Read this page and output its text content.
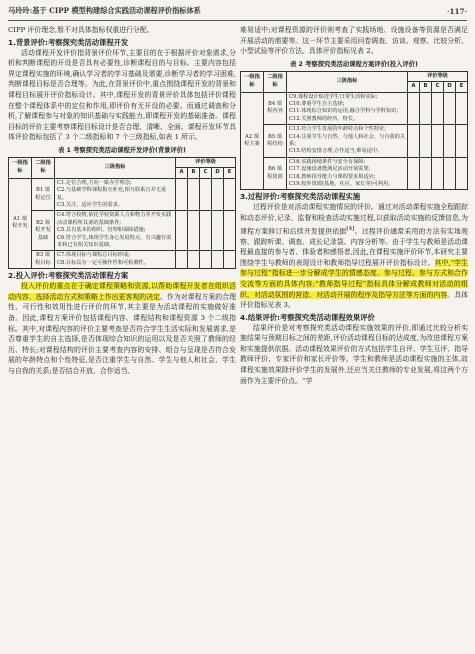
马玲玲:基于 CIPP 模型构建综合实践活动课程评价指标体系	·117·

CIPP 评价理念,暂不对具体指标权重进行分配。

1.背景评价:考察探究类活动课程开发

活动课程开发评价指背景评价环节,主要目的在于根据评价对象需求,分析和判断课程的开设是否具有必要性,诊断课程目的与目标。主要内容包括界定课程实施的环境,确认学习者的学习基础及需要,诊断学习者的学习困难,判断课程目标是否合理等。为此,在背景评价中,重点围绕课程开发的背景和课程目标展开评价指标设计。其中,课程开发的背景评价具体包括评价课程在整个课程体系中的定位和作用,即评价有无开设的必要。而通过调查和分析,了解课程参与对象的知识基础与实践能力,即课程开发的基础准备。课程目标的评价主要考察课程目标设计是否合理、清晰、全面。课程开发环节具体评价指标包括了 3 个二级指标和 7 个三级指标,如表 1 所示。

表 1 考察探究类活动课程开发评价(背景评价)
一级指标	二级指标	三级指标	评价等级				
			A	B	C	D	E
A1 课程开发	B1 课程定位	C1.定位合理,方向一致办学理念;
C2.与基础学科课程相互补充,相互联系且并无重复。
C3.关注、适应学生的需求。					

	B2 课程开发基础	C4.符合校情,依托学校资源人力和物力等开发实践活动课程所具备的基础条件;
C5.具有基本的组织、管理和保障措施;
C6.符合学生,体现学生身心发展特点、有兴趣有需求和已有相关知识基础。					

	B3 课程目标	C7.体现目标与课程总目标形成;
C8.目标具有一定可操作性和可检测性。					

2.投入评价:考察探究类活动课程方案

投入评价的重点在于确定课程策略和资源,以帮助课程开发者在组织活动内容、选择活动方式和策略上作出更客观的决定。作为对课程方案的合理性、可行性和效用性进行评价的环节,其主要是为活动课程的实施做好准备。因此,课程方案评价包括课程内容、课程结构和课程资源 3 个二级指标。其中,对课程内容的评价主要考查是否符合学生生活实际和发展需求,是否尊重学生的自主选择,是否体现综合知识的运用以及是否关照了教师的经历、特长;对课程结构的评价主要考查内容的安排、组合与呈现是否符合发展的年龄特点和个性特征,是否注重学生与自然、学生与他人和社会、学生与自我的关系;是否结合开放、合作适当、

难易适中;对课程资源的评价则考查了实践场地、设施设备等资源是否满足开展活动的需要等。这一环节主要采用问卷调查、访谈、观察、比较分析、小型试验等评价方法。具体评价指标见表 2。

表 2 考察探究类活动课程方案评价(投入评价)
一级指标	二级指标	三级指标	评价等级				
			A	B	C	D	E
A2 课程方案	B4 课程内容	C9.课程设计贴近学生日常生活和实际;
C10.尊重学生自主选择;
C11.体现综合知识的运用,融合学科与学科知识;
C12.关照教师的经历、特长。					

	B5 课程结构	C13.符合学生发展的年龄特点和个性特征;
C14.注重学生与自然、与他人和社会、与自我的关系;
C15.结构安排合理,合作适当,难易适中。					

	B6 课程资源	C16.实践场地条件与安全有保障;
C17.设施设备能满足活动开展需要;
C18.教师指导能力与课程要求相适应;
C19.校外资源(基地、社区、家长等)可利用。					

3.过程评价:考察探究类活动课程实施

过程评价是对活动课程实施情况的评价。通过对活动课程实施全程跟踪和动态评价,记录、监督和检查活动实施过程,以获取活动实施的反馈信息,为课程方案修订和后续开发提供依据[4]。过程评价通常采用的方法有实地观察、跟踪听课、调查、成长记录袋、内容分析等。由于学生与教师是活动课程最直接的参与者、体验者和感悟者,因此,在课程实施评价环节,本研究主要围绕学生与教师的表现设计和教师指导过程展开评价指标设计。其中,“学生参与过程”指标进一步分解成学生的情感态度、参与过程、参与方式和合作交流等方面的具体内容;“教师指导过程”指标具体分解成教师对活动的组织、对活动氛围的营造、对活动开展的程序及指导方法等方面的内容。具体评价指标见表 3。

4.结果评价:考察探究类活动课程效果评价

结果评价是对考察探究类活动课程实施效果的评价,即通过比较分析实施结果与预期目标之间的差距,评价活动课程目标的达成度,为改进课程方案和实施提供依据。活动课程效果评价的方式包括学生自评、学生互评、指导教师评价、专家评价和家长评价等。学生和教师是活动课程实施的主体,故课程实施效果除评价学生的发展外,还应当关注教师的专业发展,将这两个方面作为主要评价点。“学
